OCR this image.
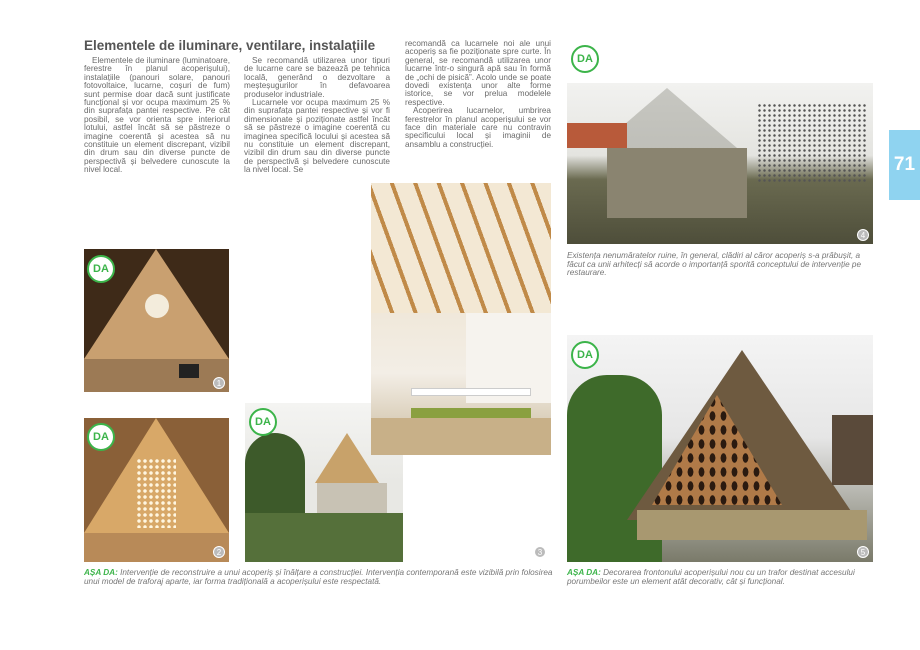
Elementele de iluminare, ventilare, instalațiile

Elementele de iluminare (luminatoare, ferestre în planul acoperișului), instalațiile (panouri solare, panouri fotovoltaice, lucarne, coșuri de fum) sunt permise doar dacă sunt justificate funcțional și vor ocupa maximum 25 % din suprafața pantei respective. Pe cât posibil, se vor orienta spre interiorul lotului, astfel încât să se păstreze o imagine coerentă și acestea să nu constituie un element discrepant, vizibil din drum sau din diverse puncte de perspectivă și belvedere cunoscute la nivel local.

Se recomandă utilizarea unor tipuri de lucarne care se bazează pe tehnica locală, generând o dezvoltare a meșteșugurilor în defavoarea produselor industriale.

Lucarnele vor ocupa maximum 25 % din suprafața pantei respective și vor fi dimensionate și poziționate astfel încât să se păstreze o imagine coerentă cu imaginea specifică locului și acestea să nu constituie un element discrepant, vizibil din drum sau din diverse puncte de perspectivă și belvedere cunoscute la nivel local. Se

recomandă ca lucarnele noi ale unui acoperiș sa fie poziționate spre curte. În general, se recomandă utilizarea unor lucarne într-o singură apă sau în formă de „ochi de pisică”. Acolo unde se poate dovedi existența unor alte forme istorice, se vor prelua modelele respective.

Acoperirea lucarnelor, umbrirea ferestrelor în planul acoperișului se vor face din materiale care nu contravin specificului local și imaginii de ansamblu a construcției.

DA
1
DA
2
DA
3
DA
4
Existența nenumăratelor ruine, în general, clădiri al căror acoperiș s-a prăbușit, a făcut ca unii arhitecți să acorde o importanță sporită conceptului de intervenție pe restaurare.
DA
5
AȘA DA: Intervenție de reconstruire a unui acoperiș și înălțare a construcției. Intervenția contemporană este vizibilă prin folosirea unui model de traforaj aparte, iar forma tradițională a acoperișului este respectată.
AȘA DA: Decorarea frontonului acoperișului nou cu un trafor destinat accesului porumbeilor este un element atât decorativ, cât și funcțional.
71
